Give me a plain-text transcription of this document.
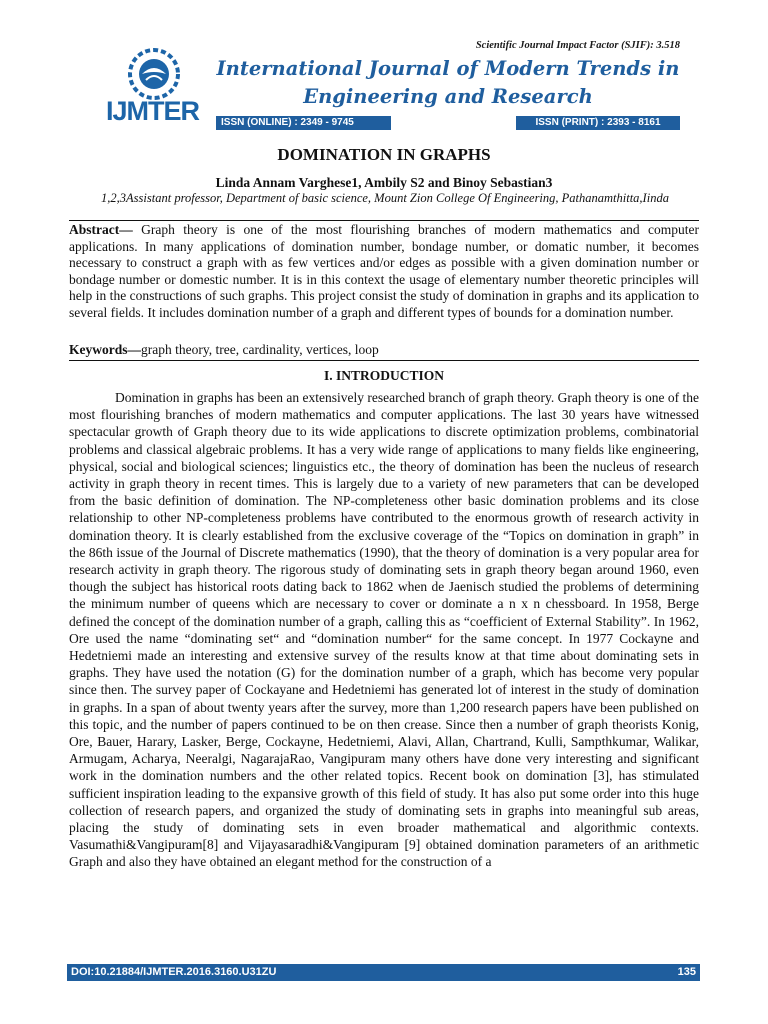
Scientific Journal Impact Factor (SJIF): 3.518
IJMTER
International Journal of Modern Trends in Engineering and Research
ISSN (ONLINE) : 2349 - 9745	ISSN (PRINT) : 2393 - 8161
DOMINATION IN GRAPHS
Linda Annam Varghese1, Ambily S2 and Binoy Sebastian3
1,2,3Assistant professor, Department of basic science, Mount Zion College Of Engineering, Pathanamthitta,Iinda
Abstract— Graph theory is one of the most flourishing branches of modern mathematics and computer applications. In many applications of domination number, bondage number, or domatic number, it becomes necessary to construct a graph with as few vertices and/or edges as possible with a given domination number or bondage number or domestic number. It is in this context the usage of elementary number theoretic principles will help in the constructions of such graphs. This project consist the study of domination in graphs and its application to several fields. It includes domination number of a graph and different types of bounds for a domination number.
Keywords—graph theory, tree, cardinality, vertices, loop
I. INTRODUCTION
Domination in graphs has been an extensively researched branch of graph theory. Graph theory is one of the most flourishing branches of modern mathematics and computer applications. The last 30 years have witnessed spectacular growth of Graph theory due to its wide applications to discrete optimization problems, combinatorial problems and classical algebraic problems. It has a very wide range of applications to many fields like engineering, physical, social and biological sciences; linguistics etc., the theory of domination has been the nucleus of research activity in graph theory in recent times. This is largely due to a variety of new parameters that can be developed from the basic definition of domination. The NP-completeness other basic domination problems and its close relationship to other NP-completeness problems have contributed to the enormous growth of research activity in domination theory. It is clearly established from the exclusive coverage of the “Topics on domination in graph” in the 86th issue of the Journal of Discrete mathematics (1990), that the theory of domination is a very popular area for research activity in graph theory. The rigorous study of dominating sets in graph theory began around 1960, even though the subject has historical roots dating back to 1862 when de Jaenisch studied the problems of determining the minimum number of queens which are necessary to cover or dominate a n x n chessboard. In 1958, Berge defined the concept of the domination number of a graph, calling this as “coefficient of External Stability”. In 1962, Ore used the name “dominating set“ and “domination number“ for the same concept. In 1977 Cockayne and Hedetniemi made an interesting and extensive survey of the results know at that time about dominating sets in graphs. They have used the notation (G) for the domination number of a graph, which has become very popular since then. The survey paper of Cockayane and Hedetniemi has generated lot of interest in the study of domination in graphs. In a span of about twenty years after the survey, more than 1,200 research papers have been published on this topic, and the number of papers continued to be on then crease. Since then a number of graph theorists Konig, Ore, Bauer, Harary, Lasker, Berge, Cockayne, Hedetniemi, Alavi, Allan, Chartrand, Kulli, Sampthkumar, Walikar, Armugam, Acharya, Neeralgi, NagarajaRao, Vangipuram many others have done very interesting and significant work in the domination numbers and the other related topics. Recent book on domination [3], has stimulated sufficient inspiration leading to the expansive growth of this field of study. It has also put some order into this huge collection of research papers, and organized the study of dominating sets in graphs into meaningful sub areas, placing the study of dominating sets in even broader mathematical and algorithmic contexts. Vasumathi&Vangipuram[8] and Vijayasaradhi&Vangipuram [9] obtained domination parameters of an arithmetic Graph and also they have obtained an elegant method for the construction of a
DOI:10.21884/IJMTER.2016.3160.U31ZU	135
